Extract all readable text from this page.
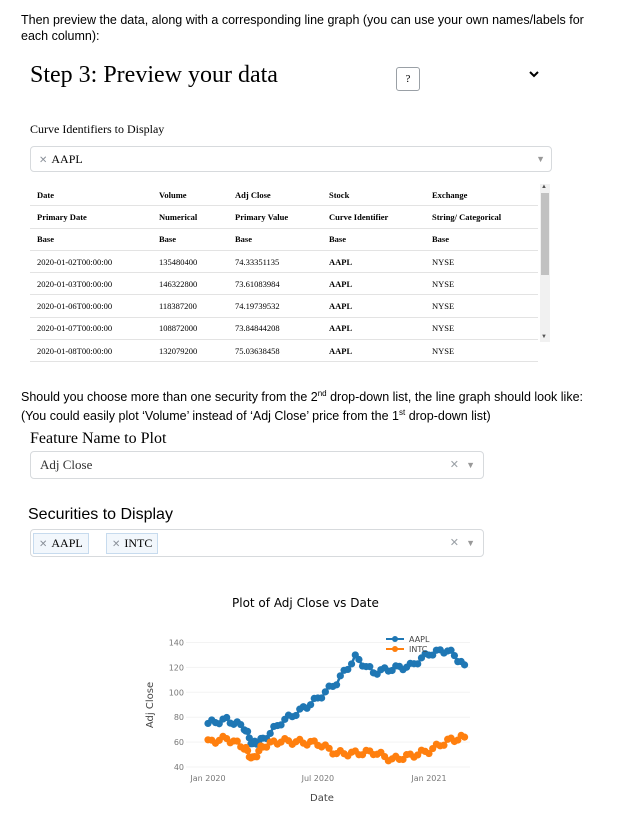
Then preview the data, along with a corresponding line graph (you can use your own names/labels for each column):
Step 3: Preview your data	?
Curve Identifiers to Display
✕ AAPL	▼
Date	Volume	Adj Close	Stock	Exchange
Primary Date	Numerical	Primary Value	Curve Identifier	String/ Categorical
Base	Base	Base	Base	Base
2020-01-02T00:00:00	135480400	74.33351135	AAPL	NYSE
2020-01-03T00:00:00	146322800	73.61083984	AAPL	NYSE
2020-01-06T00:00:00	118387200	74.19739532	AAPL	NYSE
2020-01-07T00:00:00	108872000	73.84844208	AAPL	NYSE
2020-01-08T00:00:00	132079200	75.03638458	AAPL	NYSE
▲
▼
Should you choose more than one security from the 2nd drop-down list, the line graph should look like:
(You could easily plot ‘Volume’ instead of ‘Adj Close’ price from the 1st drop-down list)
Feature Name to Plot
Adj Close	✕ ▼
Securities to Display
✕ AAPL	✕ INTC	✕ ▼
Plot of Adj Close vs Date
40
60
80
100
120
140
Jan 2020	Jul 2020	Jan 2021
AAPL
INTC
Adj Close
Date
